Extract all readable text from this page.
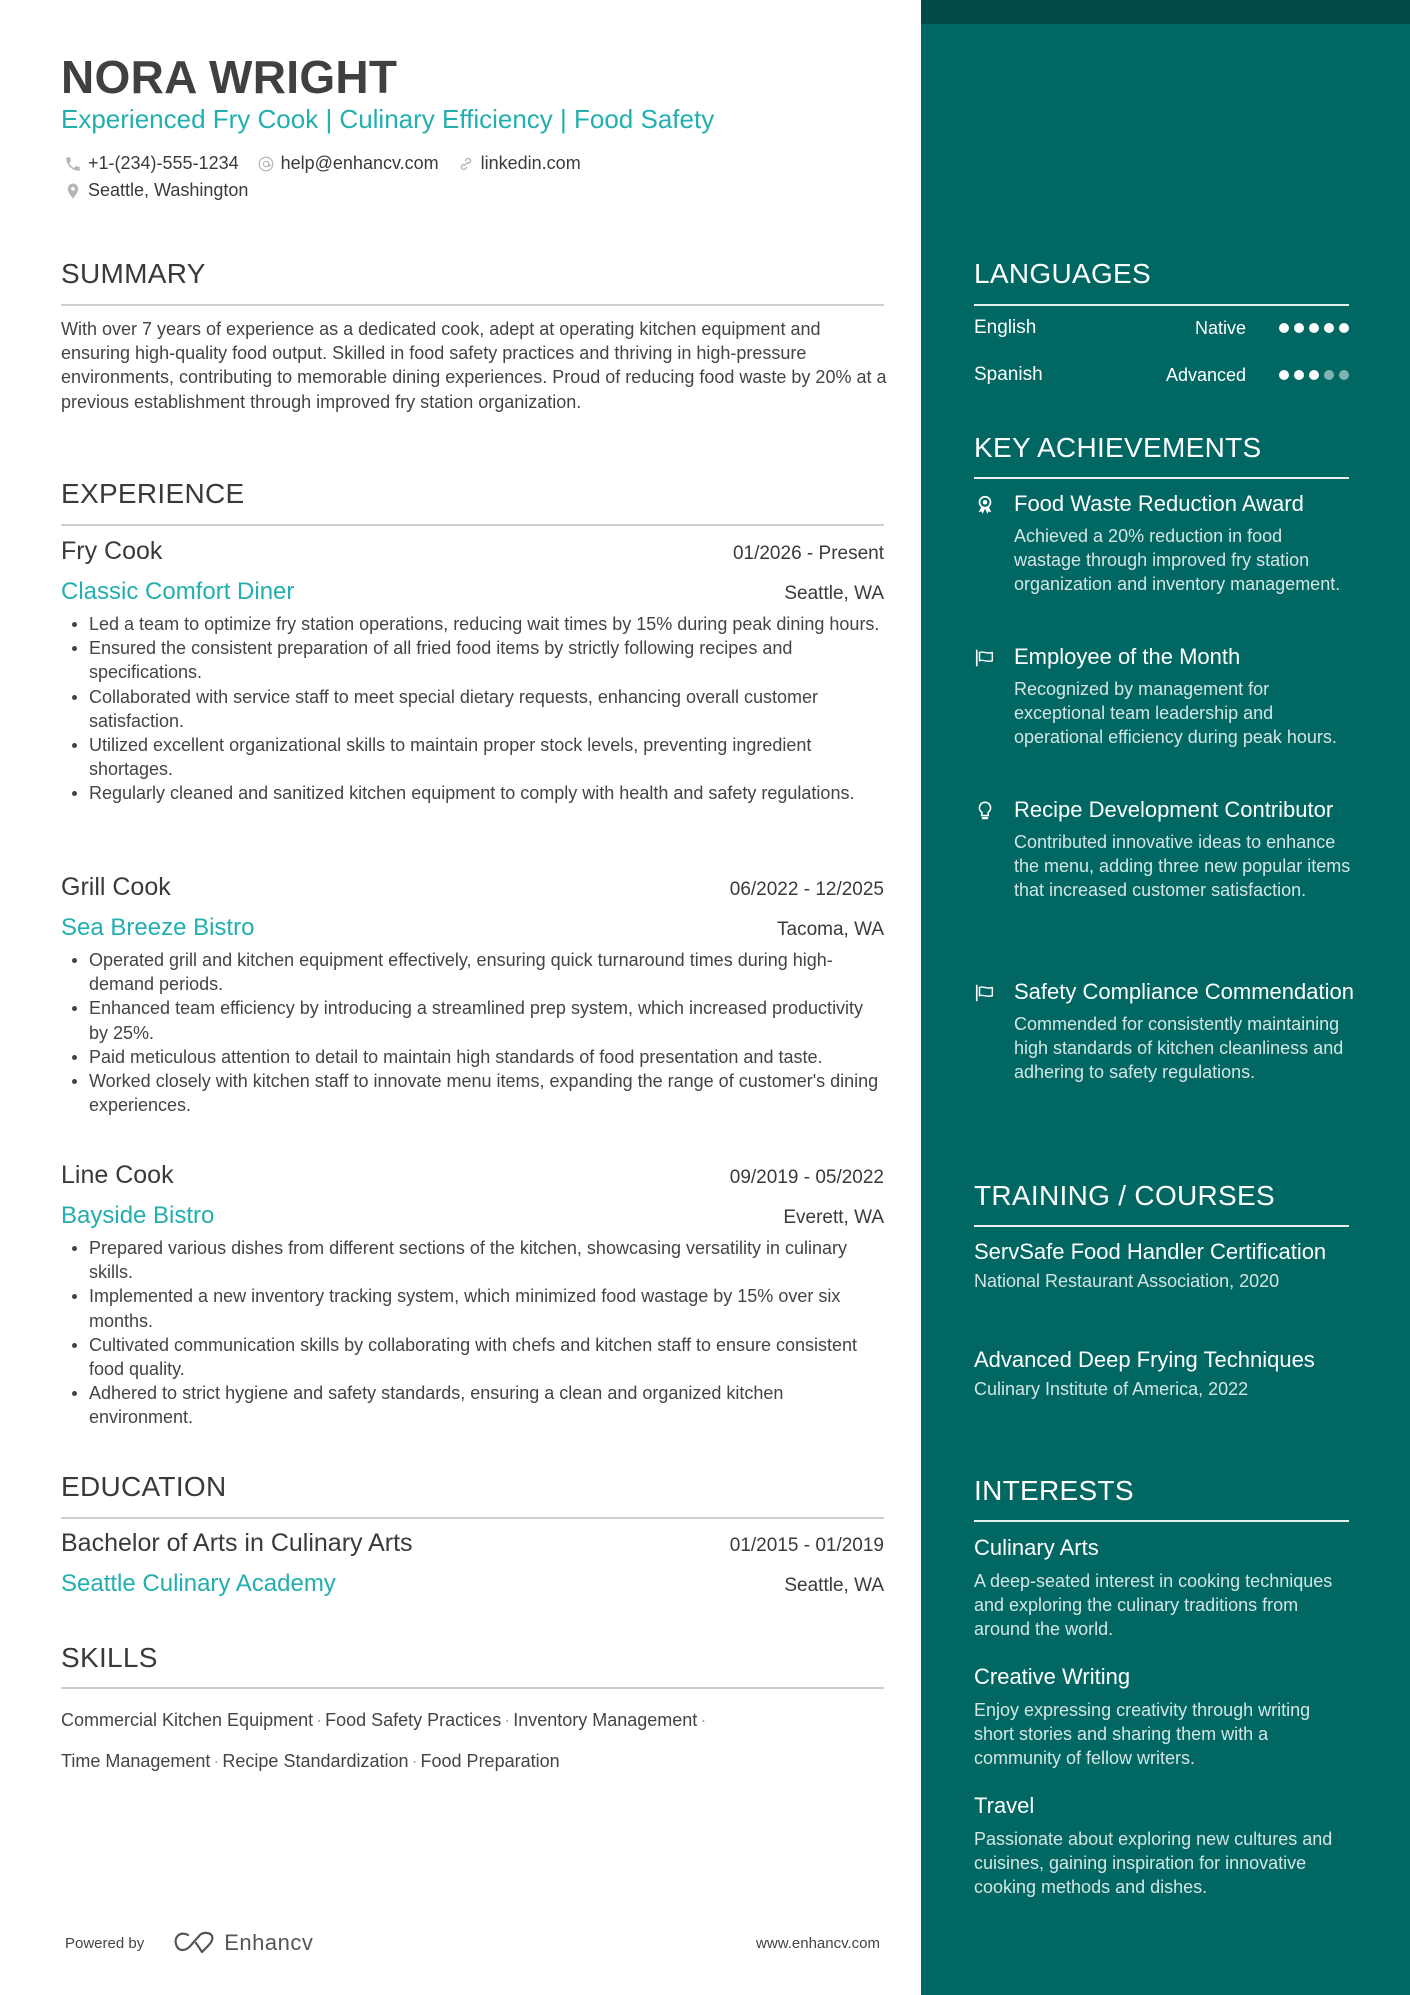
NORA WRIGHT
Experienced Fry Cook | Culinary Efficiency | Food Safety
+1-(234)-555-1234 help@enhancv.com linkedin.com
Seattle, Washington
SUMMARY
With over 7 years of experience as a dedicated cook, adept at operating kitchen equipment and ensuring high-quality food output. Skilled in food safety practices and thriving in high-pressure environments, contributing to memorable dining experiences. Proud of reducing food waste by 20% at a previous establishment through improved fry station organization.
EXPERIENCE
Fry Cook	01/2026 - Present
Classic Comfort Diner	Seattle, WA
Led a team to optimize fry station operations, reducing wait times by 15% during peak dining hours.
Ensured the consistent preparation of all fried food items by strictly following recipes and specifications.
Collaborated with service staff to meet special dietary requests, enhancing overall customer satisfaction.
Utilized excellent organizational skills to maintain proper stock levels, preventing ingredient shortages.
Regularly cleaned and sanitized kitchen equipment to comply with health and safety regulations.
Grill Cook	06/2022 - 12/2025
Sea Breeze Bistro	Tacoma, WA
Operated grill and kitchen equipment effectively, ensuring quick turnaround times during high-demand periods.
Enhanced team efficiency by introducing a streamlined prep system, which increased productivity by 25%.
Paid meticulous attention to detail to maintain high standards of food presentation and taste.
Worked closely with kitchen staff to innovate menu items, expanding the range of customer's dining experiences.
Line Cook	09/2019 - 05/2022
Bayside Bistro	Everett, WA
Prepared various dishes from different sections of the kitchen, showcasing versatility in culinary skills.
Implemented a new inventory tracking system, which minimized food wastage by 15% over six months.
Cultivated communication skills by collaborating with chefs and kitchen staff to ensure consistent food quality.
Adhered to strict hygiene and safety standards, ensuring a clean and organized kitchen environment.
EDUCATION
Bachelor of Arts in Culinary Arts	01/2015 - 01/2019
Seattle Culinary Academy	Seattle, WA
SKILLS
Commercial Kitchen Equipment · Food Safety Practices · Inventory Management ·
Time Management · Recipe Standardization · Food Preparation
Powered by	Enhancv	www.enhancv.com
LANGUAGES
English	Native
Spanish	Advanced
KEY ACHIEVEMENTS
Food Waste Reduction Award
Achieved a 20% reduction in food wastage through improved fry station organization and inventory management.
Employee of the Month
Recognized by management for exceptional team leadership and operational efficiency during peak hours.
Recipe Development Contributor
Contributed innovative ideas to enhance the menu, adding three new popular items that increased customer satisfaction.
Safety Compliance Commendation
Commended for consistently maintaining high standards of kitchen cleanliness and adhering to safety regulations.
TRAINING / COURSES
ServSafe Food Handler Certification
National Restaurant Association, 2020
Advanced Deep Frying Techniques
Culinary Institute of America, 2022
INTERESTS
Culinary Arts
A deep-seated interest in cooking techniques and exploring the culinary traditions from around the world.
Creative Writing
Enjoy expressing creativity through writing short stories and sharing them with a community of fellow writers.
Travel
Passionate about exploring new cultures and cuisines, gaining inspiration for innovative cooking methods and dishes.
